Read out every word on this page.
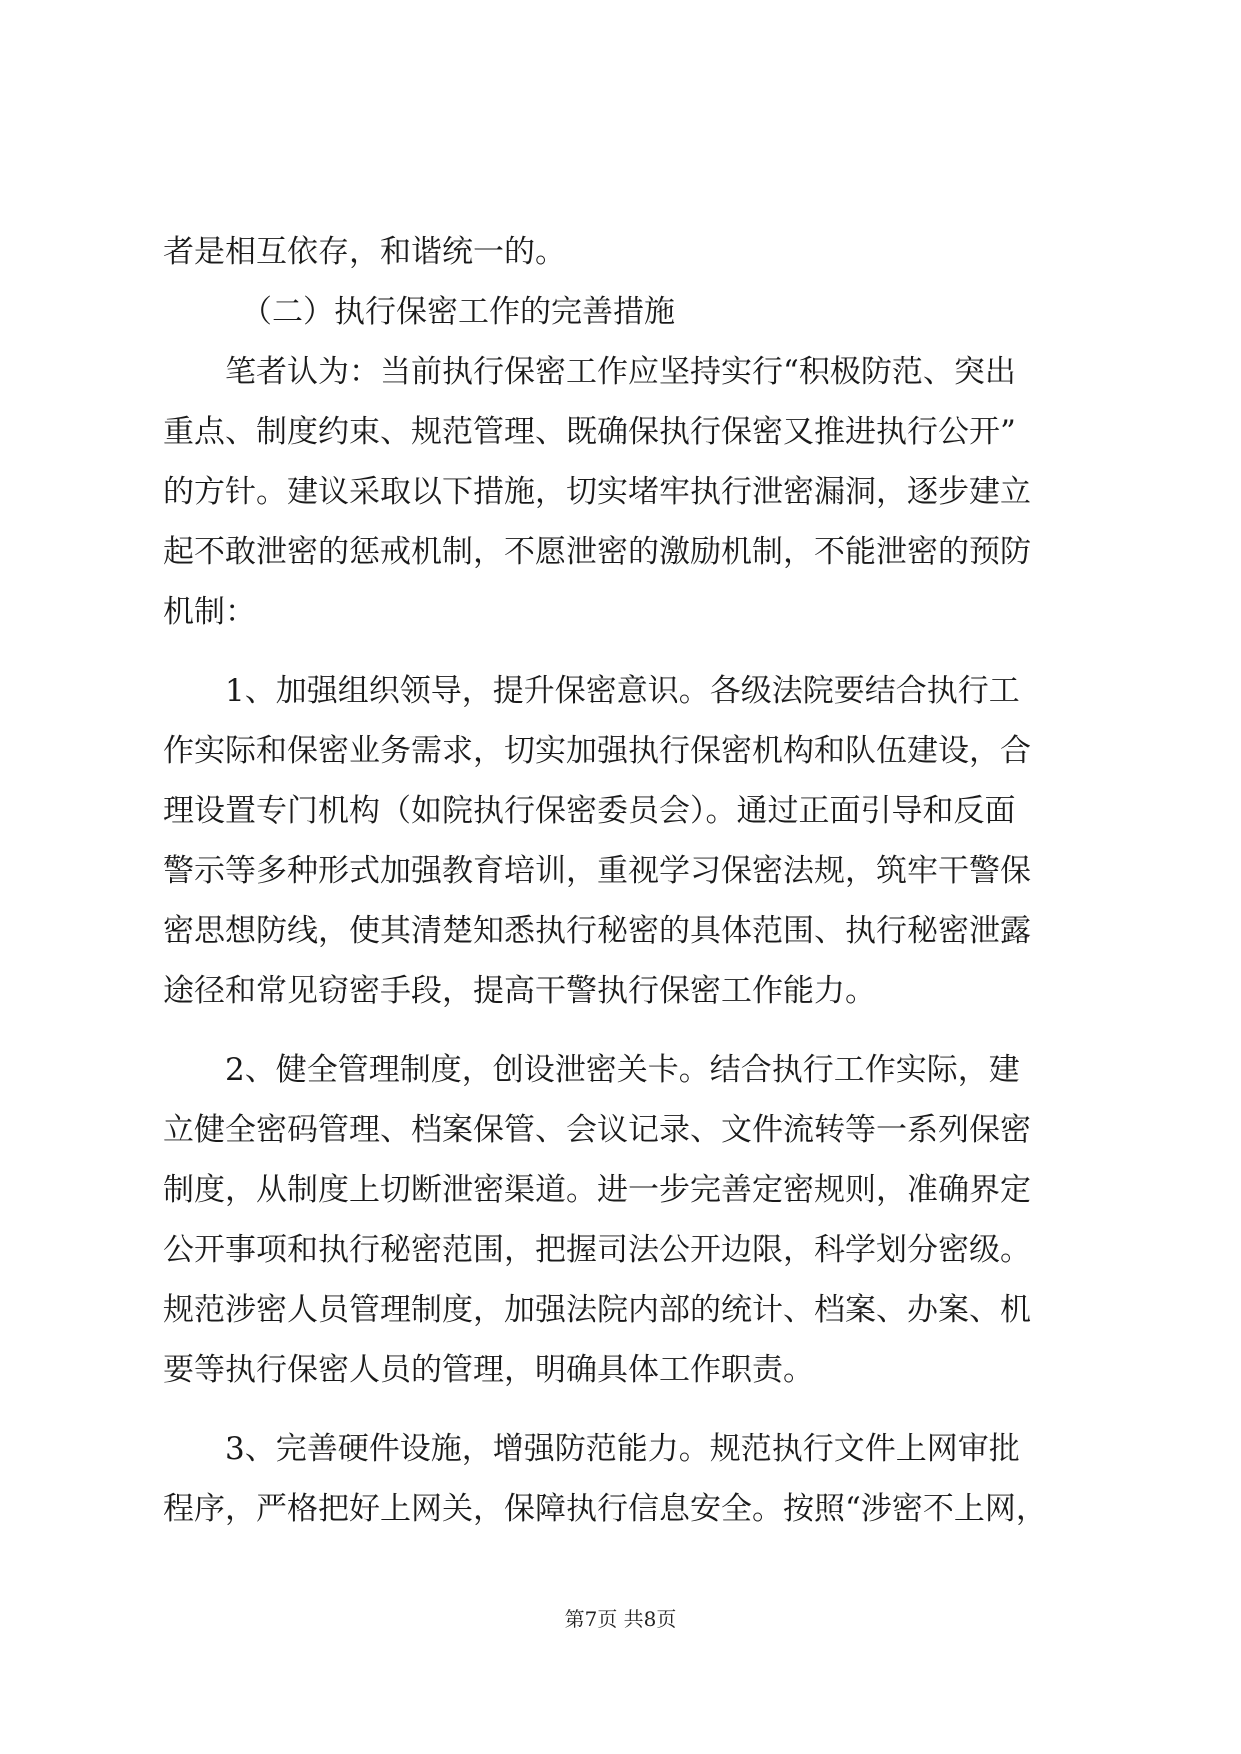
者是相互依存，和谐统一的。
（二）执行保密工作的完善措施
笔者认为：当前执行保密工作应坚持实行“积极防范、突出
重点、制度约束、规范管理、既确保执行保密又推进执行公开”
的方针。建议采取以下措施，切实堵牢执行泄密漏洞，逐步建立
起不敢泄密的惩戒机制，不愿泄密的激励机制，不能泄密的预防
机制：
1、加强组织领导，提升保密意识。各级法院要结合执行工
作实际和保密业务需求，切实加强执行保密机构和队伍建设，合
理设置专门机构（如院执行保密委员会）。通过正面引导和反面
警示等多种形式加强教育培训，重视学习保密法规，筑牢干警保
密思想防线，使其清楚知悉执行秘密的具体范围、执行秘密泄露
途径和常见窃密手段，提高干警执行保密工作能力。
2、健全管理制度，创设泄密关卡。结合执行工作实际，建
立健全密码管理、档案保管、会议记录、文件流转等一系列保密
制度，从制度上切断泄密渠道。进一步完善定密规则，准确界定
公开事项和执行秘密范围，把握司法公开边限，科学划分密级。
规范涉密人员管理制度，加强法院内部的统计、档案、办案、机
要等执行保密人员的管理，明确具体工作职责。
3、完善硬件设施，增强防范能力。规范执行文件上网审批
程序，严格把好上网关，保障执行信息安全。按照“涉密不上网，
第7页 共8页
